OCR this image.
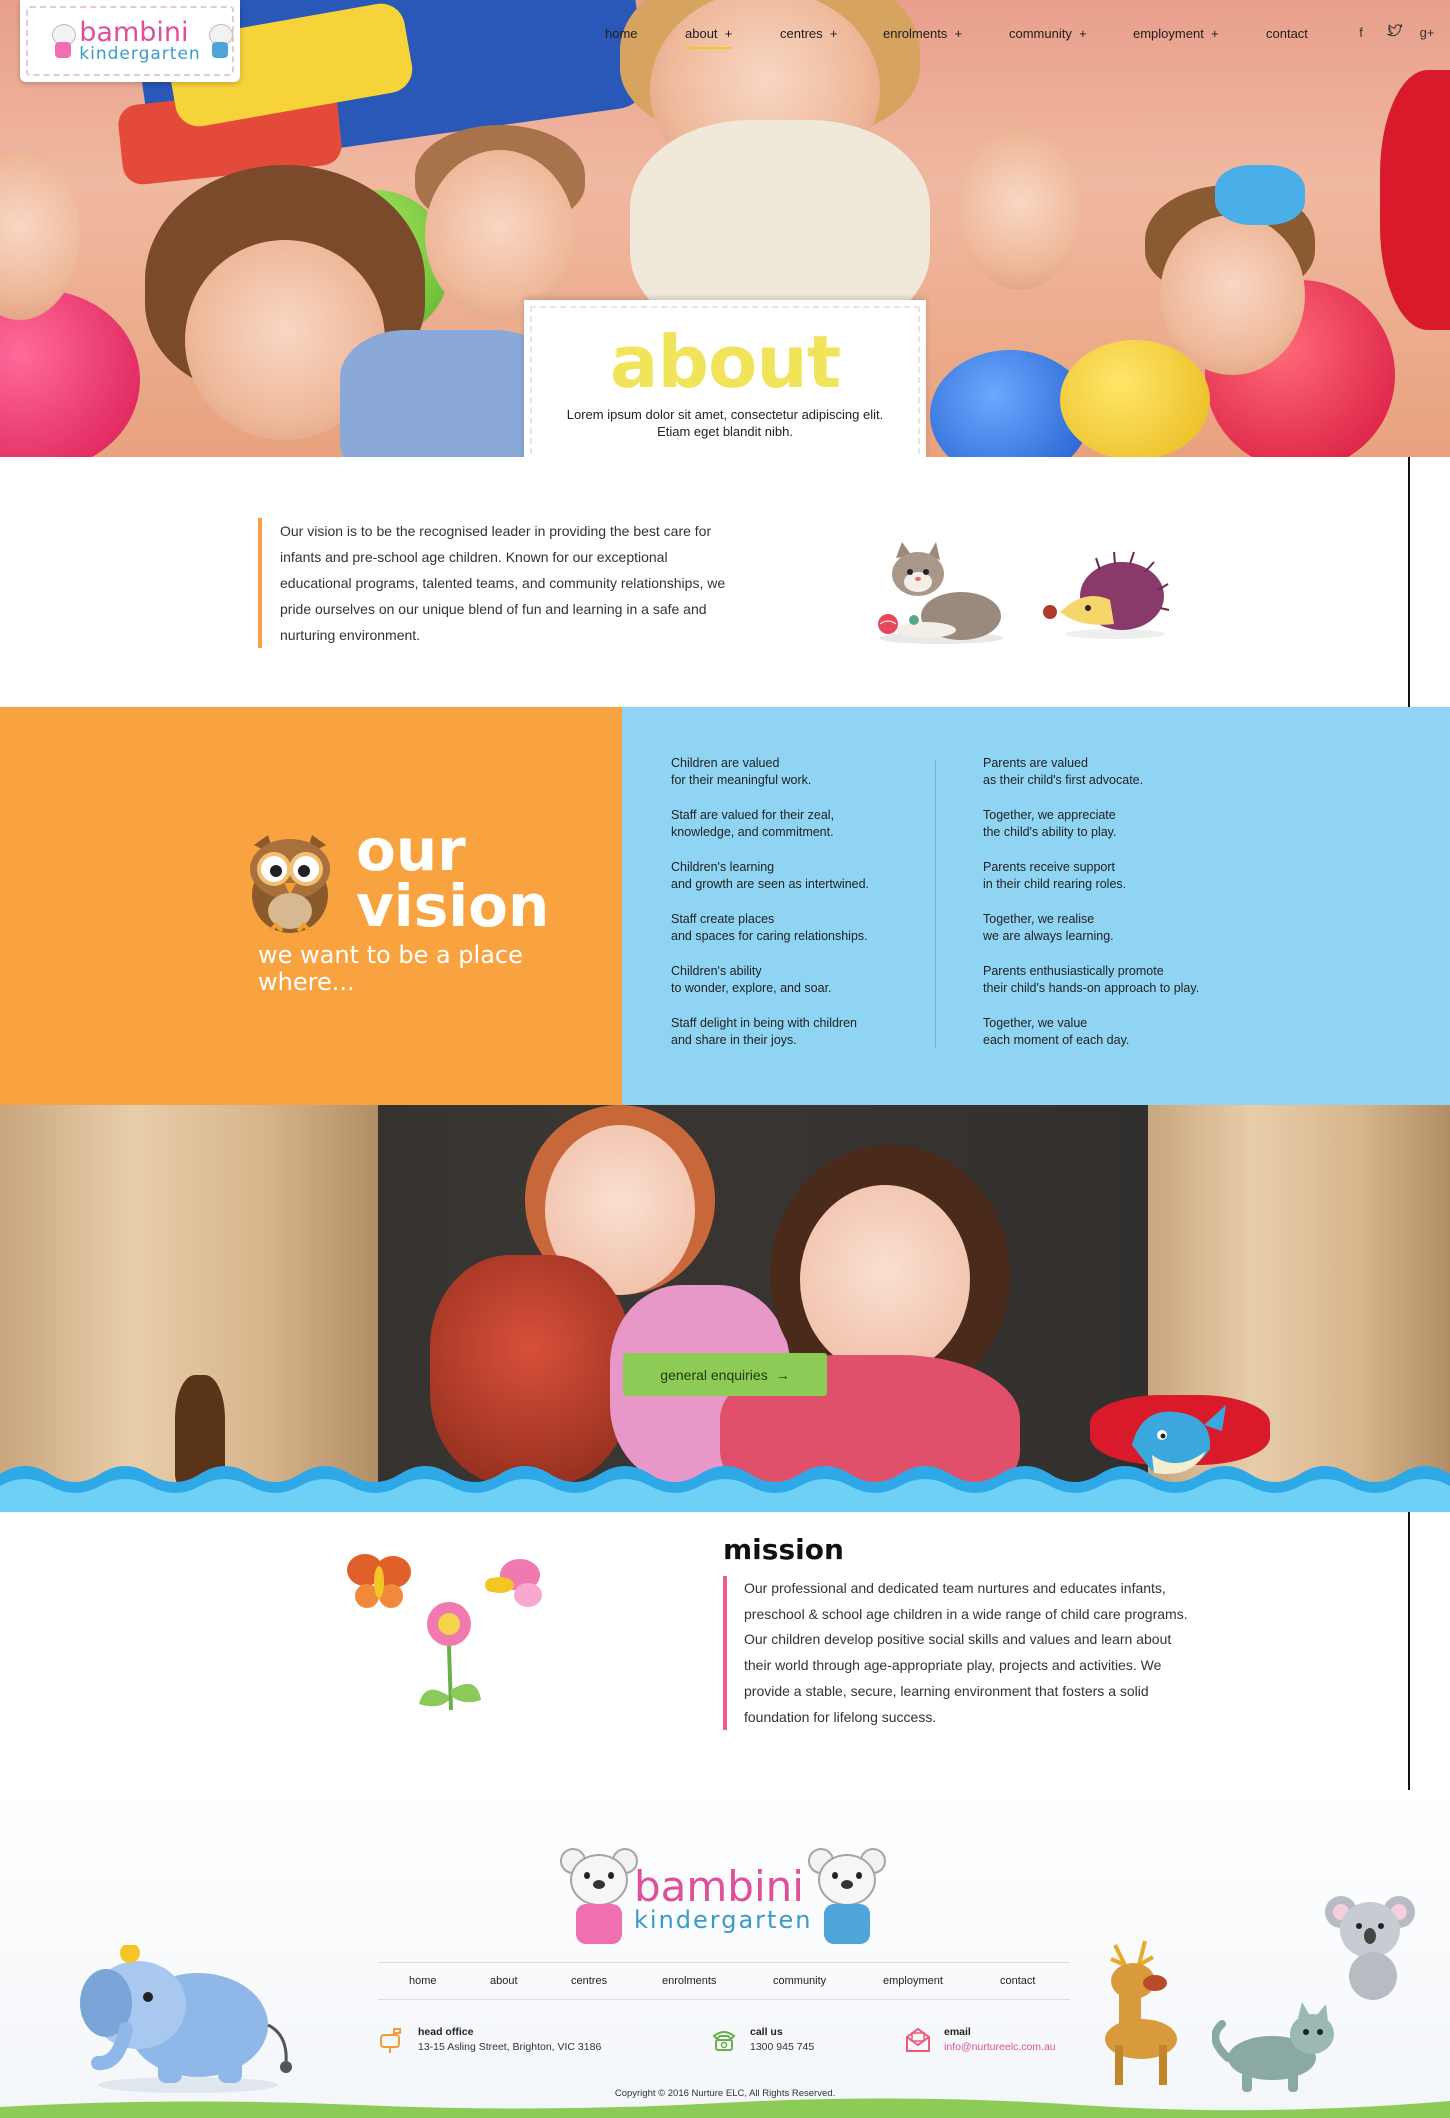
bambini
kindergarten
home	about +	centres +	enrolments +	community +	employment +	contact	f	g+
about
Lorem ipsum dolor sit amet, consectetur adipiscing elit. Etiam eget blandit nibh.

Our vision is to be the recognised leader in providing the best care for infants and pre-school age children. Known for our exceptional educational programs, talented teams, and community relationships, we pride ourselves on our unique blend of fun and learning in a safe and nurturing environment.

our
vision
we want to be a place where...
Children are valued
for their meaningful work.
Staff are valued for their zeal,
knowledge, and commitment.
Children's learning
and growth are seen as intertwined.
Staff create places
and spaces for caring relationships.
Children's ability
to wonder, explore, and soar.
Staff delight in being with children
and share in their joys.
Parents are valued
as their child's first advocate.
Together, we appreciate
the child's ability to play.
Parents receive support
in their child rearing roles.
Together, we realise
we are always learning.
Parents enthusiastically promote
their child's hands-on approach to play.
Together, we value
each moment of each day.
general enquiries →
mission

Our professional and dedicated team nurtures and educates infants, preschool & school age children in a wide range of child care programs. Our children develop positive social skills and values and learn about their world through age-appropriate play, projects and activities. We provide a stable, secure, learning environment that fosters a solid foundation for lifelong success.

bambini
kindergarten
home	about	centres	enrolments	community	employment	contact
head office
13-15 Asling Street, Brighton, VIC 3186
call us
1300 945 745
email
info@nurtureelc.com.au
Copyright © 2016 Nurture ELC, All Rights Reserved.
